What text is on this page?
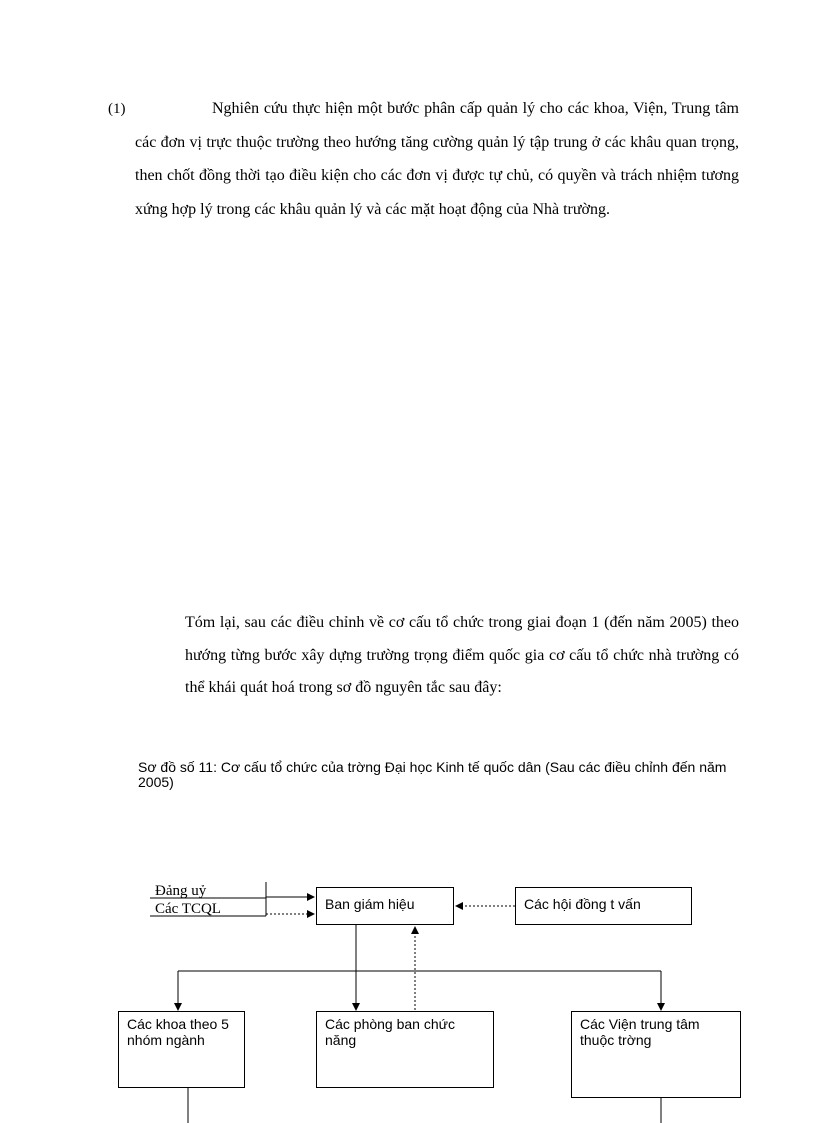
(1)	Nghiên cứu thực hiện một bước phân cấp quản lý cho các khoa, Viện, Trung tâm các đơn vị trực thuộc trường theo hướng tăng cường quản lý tập trung ở các khâu quan trọng, then chốt đồng thời tạo điều kiện cho các đơn vị được tự chủ, có quyền và trách nhiệm tương xứng hợp lý trong các khâu quản lý và các mặt hoạt động của Nhà trường.

Tóm lại, sau các điều chỉnh về cơ cấu tổ chức trong giai đoạn 1 (đến năm 2005) theo hướng từng bước xây dựng trường trọng điểm quốc gia cơ cấu tổ chức nhà trường có thể khái quát hoá trong sơ đồ nguyên tắc sau đây:

Sơ đồ số 11: Cơ cấu tổ chức của trờng Đại học Kinh tế quốc dân (Sau các điều chỉnh đến năm 2005)

Đảng uỷ
Các TCQL	Ban giám hiệu	Các hội đồng t vấn
Các khoa theo 5 nhóm ngành
Các phòng ban chức năng
Các Viện trung tâm thuộc trờng
